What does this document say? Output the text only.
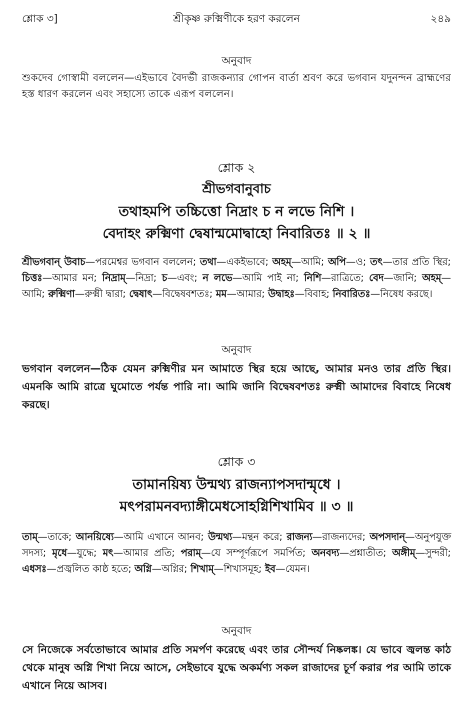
শ্লোক ৩]	শ্রীকৃষ্ণ রুক্মিণীকে হরণ করলেন	২৪৯
অনুবাদ

শুকদেব গোস্বামী বললেন—এইভাবে বৈদর্ভী রাজকন্যার গোপন বার্তা শ্রবণ করে ভগবান যদুনন্দন ব্রাহ্মণের হস্ত ধারণ করলেন এবং সহাস্যে তাকে এরূপ বললেন।

শ্লোক ২
শ্রীভগবানুবাচ
তথাহমপি তচ্চিত্তো নিদ্রাং চ ন লভে নিশি ।
বেদাহং রুক্মিণা দ্বেষান্মমোদ্বাহো নিবারিতঃ ॥ ২ ॥

শ্রীভগবান্ উবাচ—পরমেশ্বর ভগবান বললেন; তথা—একইভাবে; অহম্—আমি; অপি—ও; তৎ—তার প্রতি স্থির; চিত্তঃ—আমার মন; নিদ্রাম্—নিদ্রা; চ—এবং; ন লভে—আমি পাই না; নিশি—রাত্রিতে; বেদ—জানি; অহম্—আমি; রুক্মিণা—রুক্মী দ্বারা; দ্বেষাৎ—বিদ্বেষবশতঃ; মম—আমার; উদ্বাহঃ—বিবাহ; নিবারিতঃ—নিষেধ করছে।

অনুবাদ

ভগবান বললেন—ঠিক যেমন রুক্মিণীর মন আমাতে স্থির হয়ে আছে, আমার মনও তার প্রতি স্থির। এমনকি আমি রাত্রে ঘুমোতে পর্যন্ত পারি না। আমি জানি বিদ্বেষবশতঃ রুক্মী আমাদের বিবাহে নিষেধ করছে।

শ্লোক ৩
তামানয়িষ্য উন্মথ্য রাজন্যাপসদান্মৃধে ।
মৎপরামনবদ্যাঙ্গীমেধসোহগ্নিশিখামিব ॥ ৩ ॥

তাম্—তাকে; আনয়িষ্যে—আমি এখানে আনব; উন্মথ্য—মন্থন করে; রাজন্য—রাজন্যদের; অপসদান্—অনুপযুক্ত সদস্য; মৃধে—যুদ্ধে; মৎ—আমার প্রতি; পরাম্—যে সম্পূর্ণরূপে সমর্পিত; অনবদ্য—প্রশ্নাতীত; অঙ্গীম্—সুন্দরী; এধসঃ—প্রজ্বলিত কাষ্ঠ হতে; অগ্নি—অগ্নির; শিখাম্—শিখাসমূহ; ইব—যেমন।

অনুবাদ

সে নিজেকে সর্বতোভাবে আমার প্রতি সমর্পণ করেছে এবং তার সৌন্দর্য নিষ্কলঙ্ক। যে ভাবে জ্বলন্ত কাঠ থেকে মানুষ অগ্নি শিখা নিয়ে আসে, সেইভাবে যুদ্ধে অকর্মণ্য সকল রাজাদের চূর্ণ করার পর আমি তাকে এখানে নিয়ে আসব।
